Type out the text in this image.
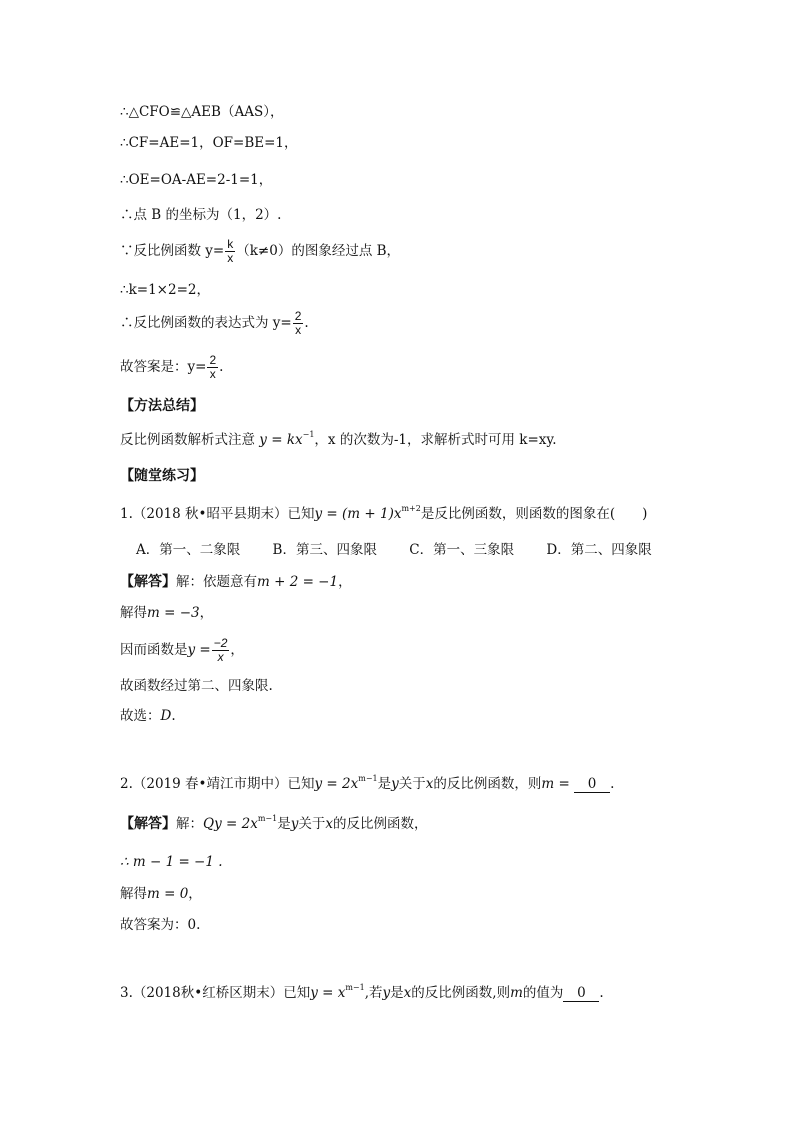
∴△CFO≌△AEB（AAS），
∴CF=AE=1，OF=BE=1，
∴OE=OA-AE=2-1=1，
∴点 B 的坐标为（1，2）.
∵反比例函数 $y= \frac{k}{x} (k\ne 0)$的图象经过点 B，
∴k=1×2=2，
∴反比例函数的表达式为 $y= \frac{2}{x}$ .
故答案是：$y= \frac{2}{x}$ .
【方法总结】
反比例函数解析式注意 $y = kx^{-1}$，x 的次数为-1，求解析式时可用 k=xy.
【随堂练习】
1.（2018 秋•昭平县期末）已知$y = (m + 1)x^{m+2}$是反比例函数，则函数的图象在(　　)
A．第一、二象限 B．第三、四象限 C．第一、三象限 D．第二、四象限
【解答】解：依题意有m + 2 = −1，
解得m = −3，
因而函数是$y = \frac{-2}{x}$ ，
故函数经过第二、四象限.
故选：D.
2.（2019 春•靖江市期中）已知$y = 2x^{m-1}$是y关于x的反比例函数，则m = 0 .
【解答】解：$Qy = 2x^{m-1}$是y关于x的反比例函数，
∴ m − 1 = −1 .
解得m = 0，
故答案为：0.
3.（2018秋•红桥区期末）已知$y = x^{m-1}$,若y是x的反比例函数,则m的值为 0 .
